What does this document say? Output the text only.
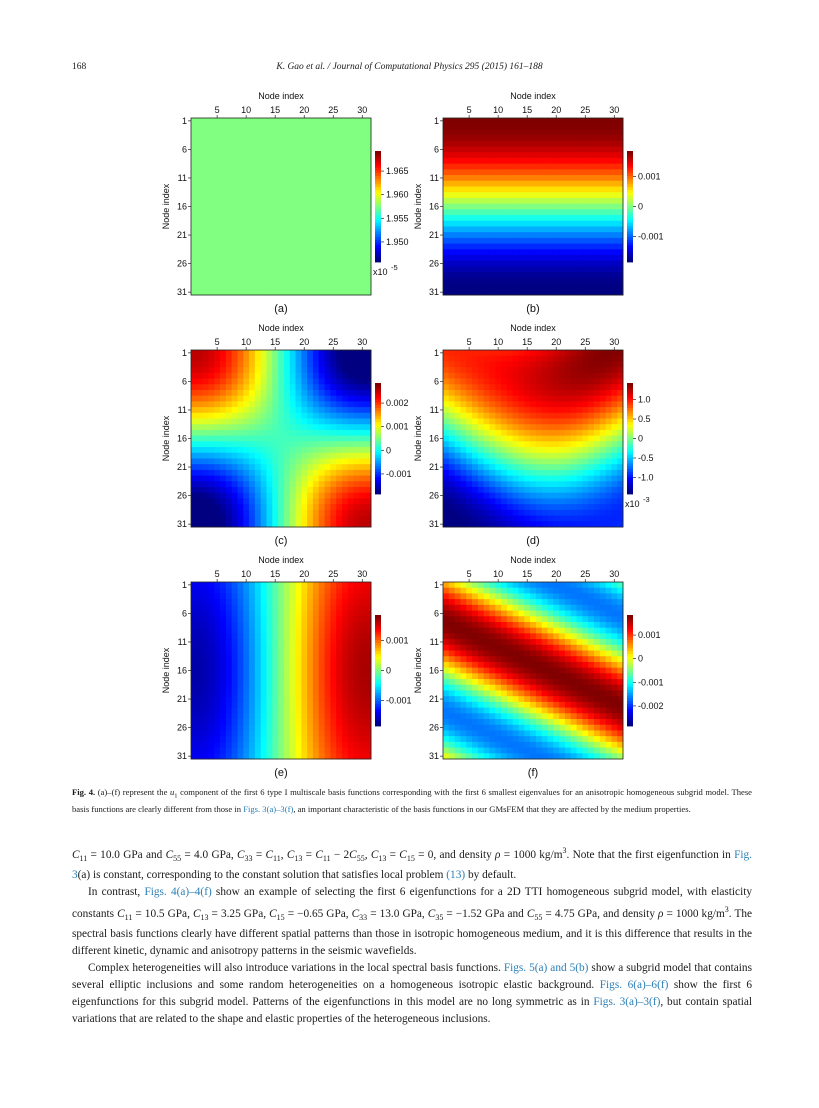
168	K. Gao et al. / Journal of Computational Physics 295 (2015) 161–188
Node index
5 10 15 20 25 30
1
6
11
16
21
26
31
Node index
1.965
1.960
1.955
1.950
x10 -5
(a)
Node index
5 10 15 20 25 30
1
6
11
16
21
26
31
Node index
0.001
0
-0.001
(b)
Node index
5 10 15 20 25 30
1
6
11
16
21
26
31
Node index
0.002
0.001
0
-0.001
(c)
Node index
5 10 15 20 25 30
1
6
11
16
21
26
31
Node index
1.0
0.5
0
-0.5
-1.0
x10 -3
(d)
Node index
5 10 15 20 25 30
1
6
11
16
21
26
31
Node index
0.001
0
-0.001
(e)
Node index
5 10 15 20 25 30
1
6
11
16
21
26
31
Node index
0.001
0
-0.001
-0.002
(f)
Fig. 4. (a)–(f) represent the $u_1$ component of the first 6 type I multiscale basis functions corresponding with the first 6 smallest eigenvalues for an anisotropic homogeneous subgrid model. These basis functions are clearly different from those in Figs. 3(a)–3(f), an important characteristic of the basis functions in our GMsFEM that they are affected by the medium properties.

$C_{11} = 10.0$ GPa and $C_{55} = 4.0$ GPa, $C_{33} = C_{11}$, $C_{13} = C_{11} - 2C_{55}$, $C_{13} = C_{15} = 0$, and density ρ = 1000 $kg/m^3$. Note that the first eigenfunction in Fig. 3(a) is constant, corresponding to the constant solution that satisfies local problem (13) by default.

In contrast, Figs. 4(a)–4(f) show an example of selecting the first 6 eigenfunctions for a 2D TTI homogeneous subgrid model, with elasticity constants $C_{11} = 10.5$ GPa, $C_{13} = 3.25$ GPa, $C_{15} = -0.65$ GPa, $C_{33} = 13.0$ GPa, $C_{35} = -1.52$ GPa and $C_{55} = 4.75$ GPa, and density ρ = 1000 $kg/m^3$. The spectral basis functions clearly have different spatial patterns than those in isotropic homogeneous medium, and it is this difference that results in the different kinetic, dynamic and anisotropy patterns in the seismic wavefields.

Complex heterogeneities will also introduce variations in the local spectral basis functions. Figs. 5(a) and 5(b) show a subgrid model that contains several elliptic inclusions and some random heterogeneities on a homogeneous isotropic elastic background. Figs. 6(a)–6(f) show the first 6 eigenfunctions for this subgrid model. Patterns of the eigenfunctions in this model are no long symmetric as in Figs. 3(a)–3(f), but contain spatial variations that are related to the shape and elastic properties of the heterogeneous inclusions.
